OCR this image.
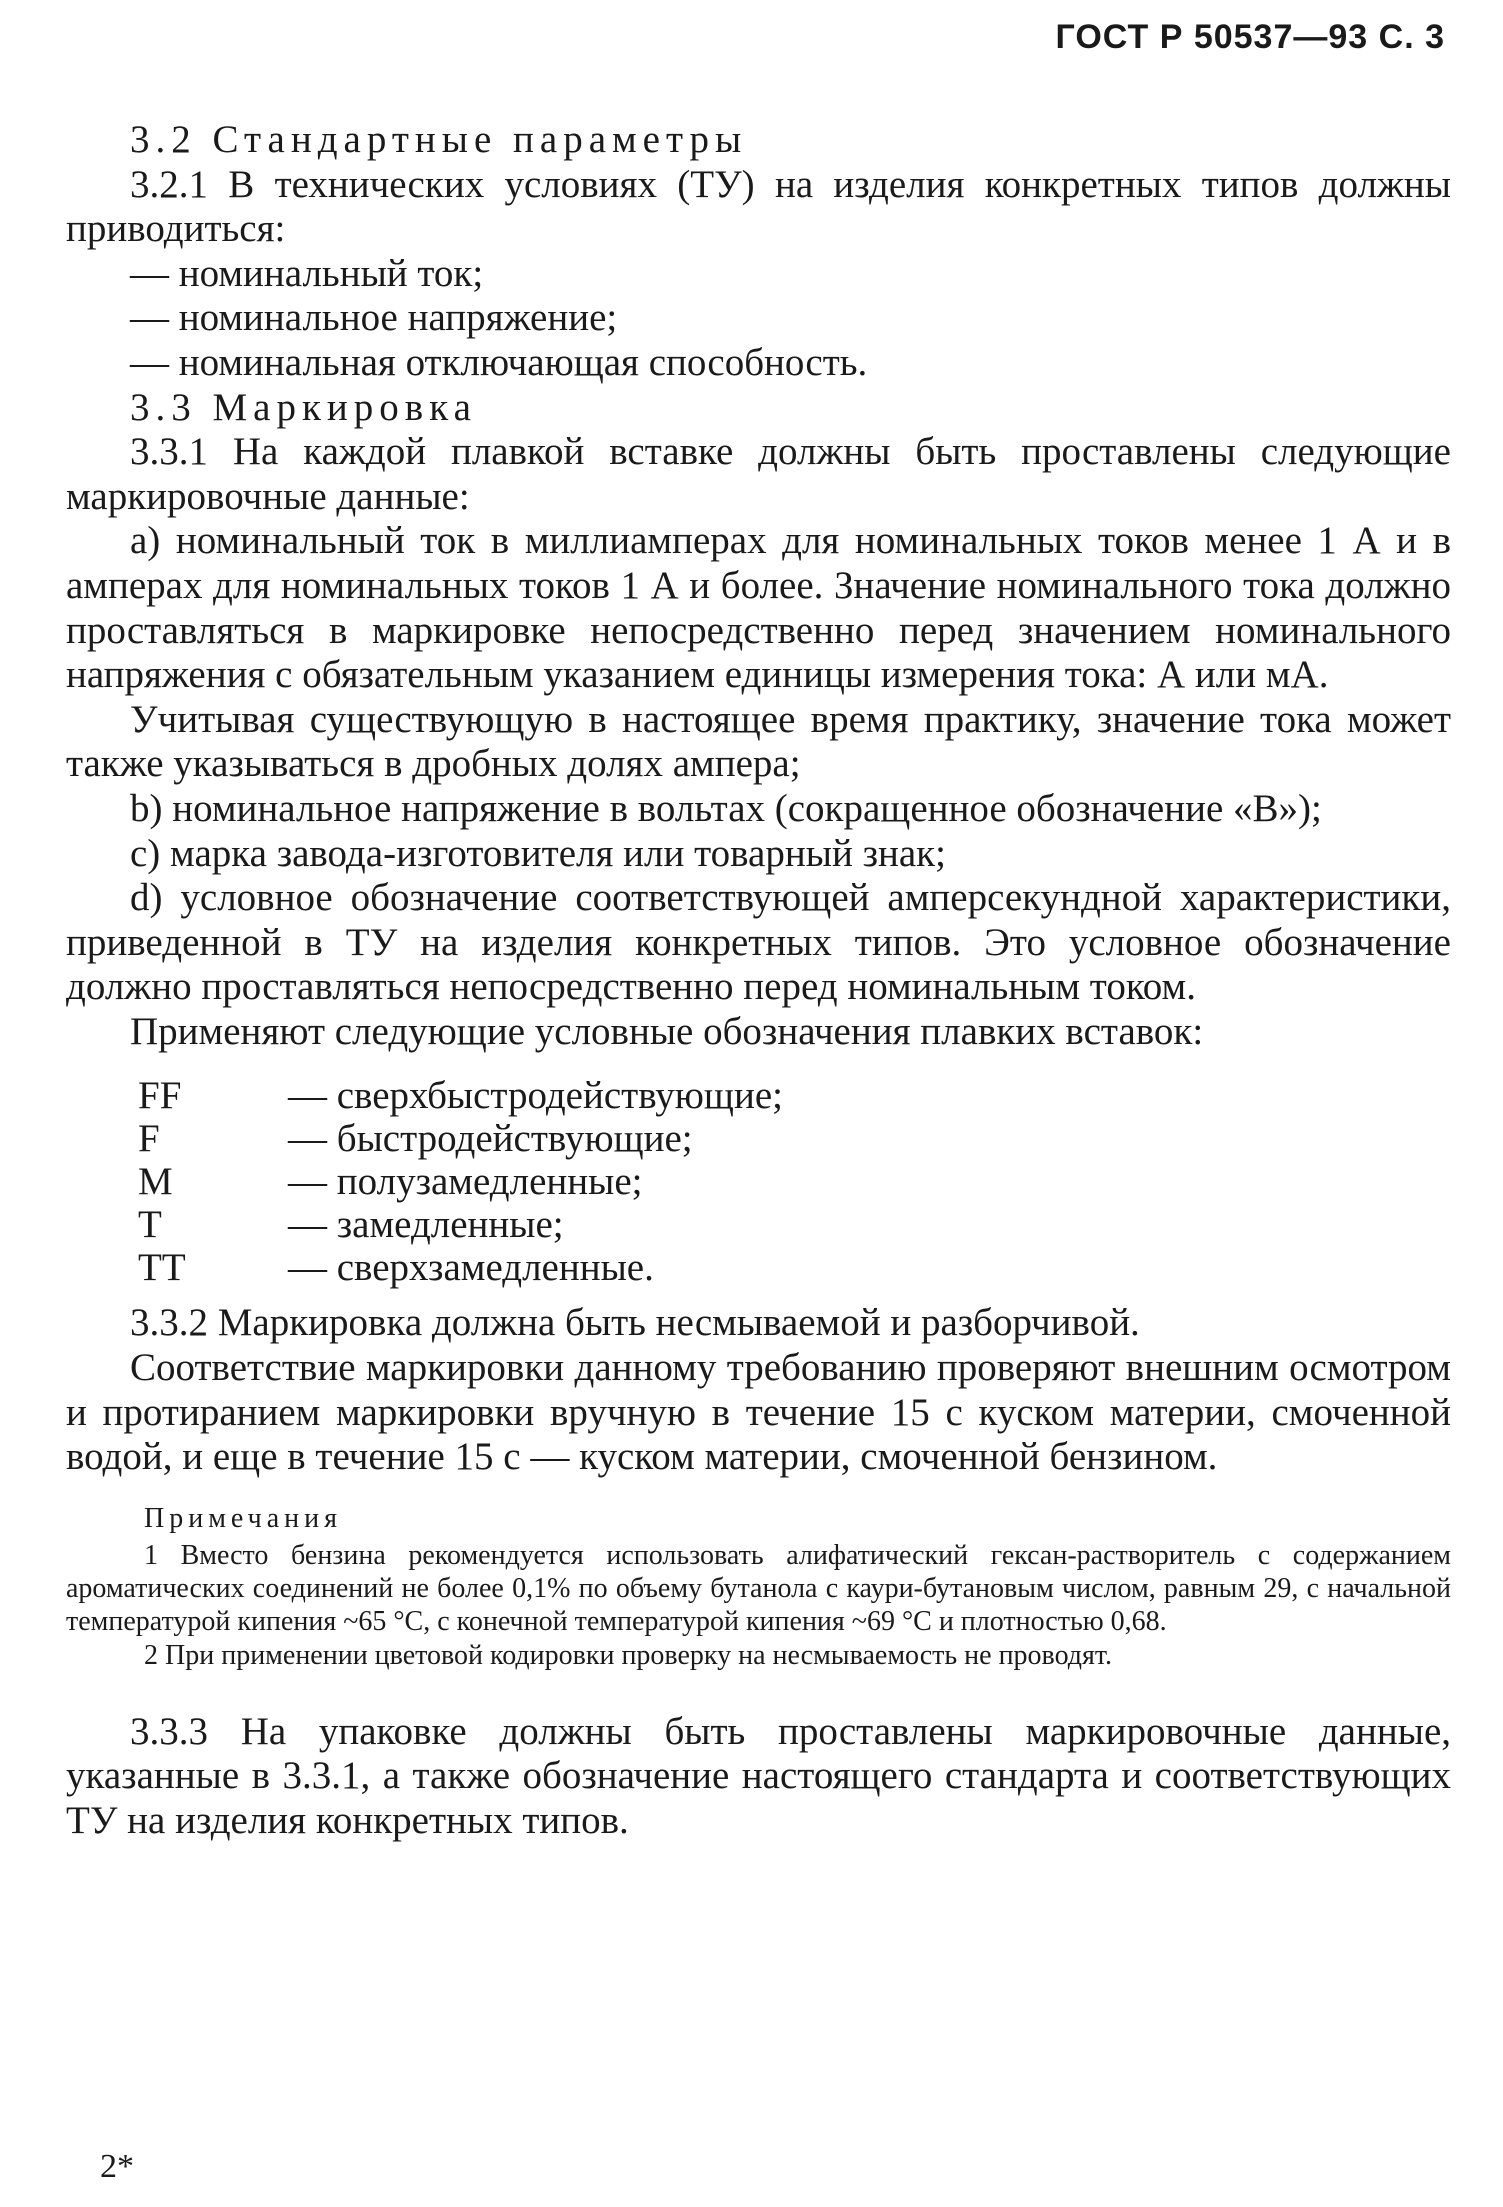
ГОСТ Р 50537—93 С. 3

3.2 Стандартные параметры

3.2.1 В технических условиях (ТУ) на изделия конкретных типов должны приводиться:

— номинальный ток;

— номинальное напряжение;

— номинальная отключающая способность.

3.3 Маркировка

3.3.1 На каждой плавкой вставке должны быть проставлены следующие маркировочные данные:

а) номинальный ток в миллиамперах для номинальных токов менее 1 А и в амперах для номинальных токов 1 А и более. Значение номинального тока должно проставляться в маркировке непосредственно перед значением номинального напряжения с обязательным указанием единицы измерения тока: А или мА.

Учитывая существующую в настоящее время практику, значение тока может также указываться в дробных долях ампера;

b) номинальное напряжение в вольтах (сокращенное обозначение «В»);

с) марка завода-изготовителя или товарный знак;

d) условное обозначение соответствующей амперсекундной характеристики, приведенной в ТУ на изделия конкретных типов. Это условное обозначение должно проставляться непосредственно перед номинальным током.

Применяют следующие условные обозначения плавких вставок:

FF	— сверхбыстродействующие;
F	— быстродействующие;
M	— полузамедленные;
T	— замедленные;
TT	— сверхзамедленные.

3.3.2 Маркировка должна быть несмываемой и разборчивой.

Соответствие маркировки данному требованию проверяют внешним осмотром и протиранием маркировки вручную в течение 15 с куском материи, смоченной водой, и еще в течение 15 с — куском материи, смоченной бензином.

Примечания

1 Вместо бензина рекомендуется использовать алифатический гексан-растворитель с содержанием ароматических соединений не более 0,1% по объему бутанола с каури-бутановым числом, равным 29, с начальной температурой кипения ~65 °С, с конечной температурой кипения ~69 °С и плотностью 0,68.

2 При применении цветовой кодировки проверку на несмываемость не проводят.

3.3.3 На упаковке должны быть проставлены маркировочные данные, указанные в 3.3.1, а также обозначение настоящего стандарта и соответствующих ТУ на изделия конкретных типов.

2*
